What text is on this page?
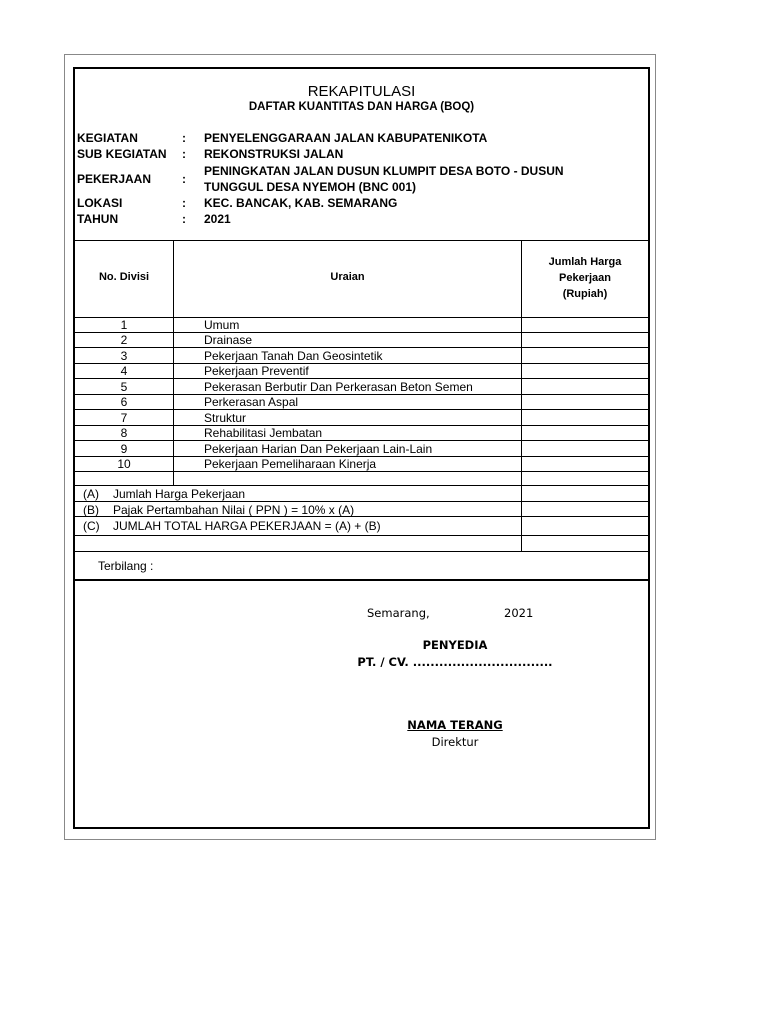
REKAPITULASI
DAFTAR KUANTITAS DAN HARGA (BOQ)
KEGIATAN	: PENYELENGGARAAN JALAN KABUPATENIKOTA
SUB KEGIATAN : REKONSTRUKSI JALAN
PEKERJAAN	:
PENINGKATAN JALAN DUSUN KLUMPIT DESA BOTO - DUSUN
TUNGGUL DESA NYEMOH (BNC 001)
LOKASI	: KEC. BANCAK, KAB. SEMARANG
TAHUN	: 2021
No. Divisi	Uraian
Jumlah Harga
Pekerjaan
(Rupiah)
1	Umum
2	Drainase
3	Pekerjaan Tanah Dan Geosintetik
4	Pekerjaan Preventif
5	Pekerasan Berbutir Dan Perkerasan Beton Semen
6	Perkerasan Aspal
7	Struktur
8	Rehabilitasi Jembatan
9	Pekerjaan Harian Dan Pekerjaan Lain-Lain
10	Pekerjaan Pemeliharaan Kinerja
(A) Jumlah Harga Pekerjaan
(B) Pajak Pertambahan Nilai ( PPN ) = 10% x (A)
(C) JUMLAH TOTAL HARGA PEKERJAAN = (A) + (B)
Terbilang :
Semarang,	2021
PENYEDIA
PT. / CV. ................................
NAMA TERANG
Direktur
